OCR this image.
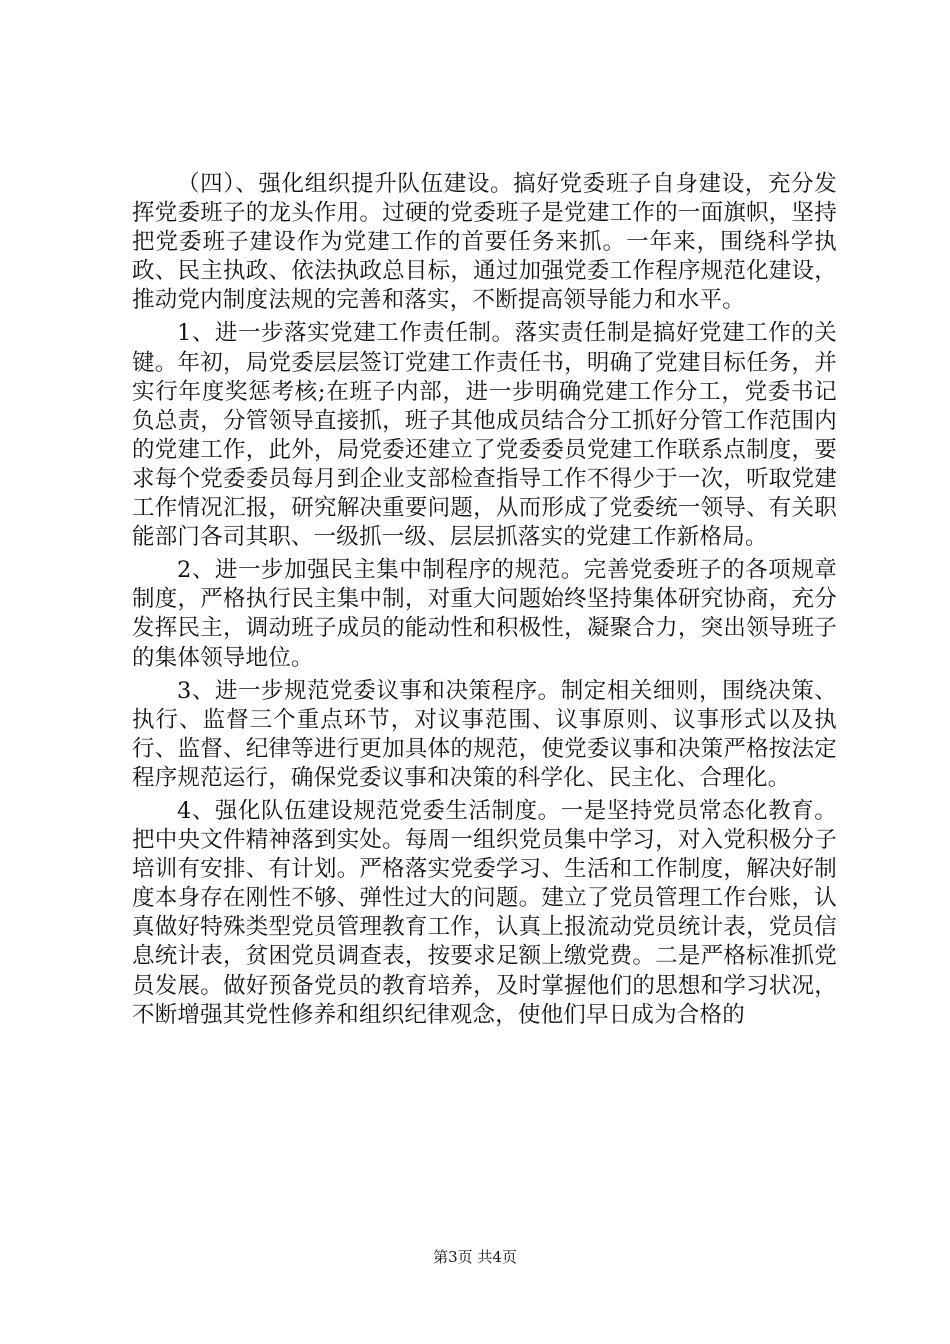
（四）、强化组织提升队伍建设。搞好党委班子自身建设，充分发挥党委班子的龙头作用。过硬的党委班子是党建工作的一面旗帜，坚持把党委班子建设作为党建工作的首要任务来抓。一年来，围绕科学执政、民主执政、依法执政总目标，通过加强党委工作程序规范化建设，推动党内制度法规的完善和落实，不断提高领导能力和水平。

1、进一步落实党建工作责任制。落实责任制是搞好党建工作的关键。年初，局党委层层签订党建工作责任书，明确了党建目标任务，并实行年度奖惩考核;在班子内部，进一步明确党建工作分工，党委书记负总责，分管领导直接抓，班子其他成员结合分工抓好分管工作范围内的党建工作，此外，局党委还建立了党委委员党建工作联系点制度，要求每个党委委员每月到企业支部检查指导工作不得少于一次，听取党建工作情况汇报，研究解决重要问题，从而形成了党委统一领导、有关职能部门各司其职、一级抓一级、层层抓落实的党建工作新格局。

2、进一步加强民主集中制程序的规范。完善党委班子的各项规章制度，严格执行民主集中制，对重大问题始终坚持集体研究协商，充分发挥民主，调动班子成员的能动性和积极性，凝聚合力，突出领导班子的集体领导地位。

3、进一步规范党委议事和决策程序。制定相关细则，围绕决策、执行、监督三个重点环节，对议事范围、议事原则、议事形式以及执行、监督、纪律等进行更加具体的规范，使党委议事和决策严格按法定程序规范运行，确保党委议事和决策的科学化、民主化、合理化。

4、强化队伍建设规范党委生活制度。一是坚持党员常态化教育。把中央文件精神落到实处。每周一组织党员集中学习，对入党积极分子培训有安排、有计划。严格落实党委学习、生活和工作制度，解决好制度本身存在刚性不够、弹性过大的问题。建立了党员管理工作台账，认真做好特殊类型党员管理教育工作，认真上报流动党员统计表，党员信息统计表，贫困党员调查表，按要求足额上缴党费。二是严格标准抓党员发展。做好预备党员的教育培养，及时掌握他们的思想和学习状况，不断增强其党性修养和组织纪律观念，使他们早日成为合格的

第3页 共4页
